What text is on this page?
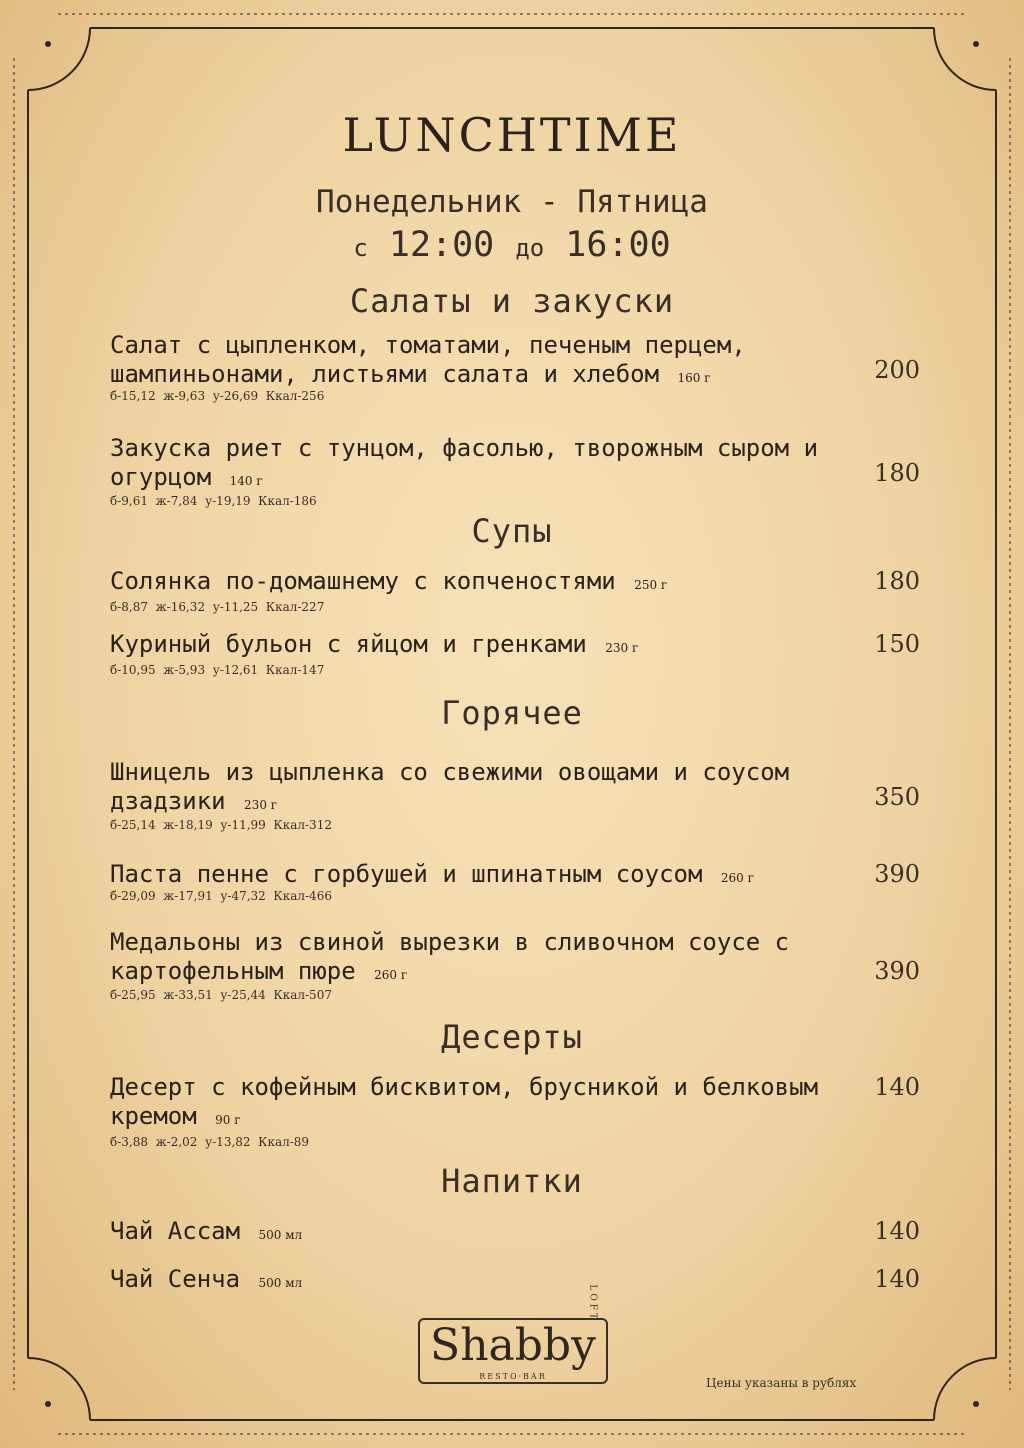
LUNCHTIME
Понедельник - Пятница
с 12:00 до 16:00
Салаты и закуски
Салат с цыпленком, томатами, печеным перцем, шампиньонами, листьями салата и хлебом 160 г
б-15,12  ж-9,63  у-26,69  Ккал-256
200
Закуска риет с тунцом, фасолью, творожным сыром и огурцом 140 г
б-9,61  ж-7,84  у-19,19  Ккал-186
180
Супы
Солянка по-домашнему с копченостями 250 г
б-8,87  ж-16,32  у-11,25  Ккал-227
180
Куриный бульон с яйцом и гренками 230 г
б-10,95  ж-5,93  у-12,61  Ккал-147
150
Горячее
Шницель из цыпленка со свежими овощами и соусом дзадзики 230 г
б-25,14  ж-18,19  у-11,99  Ккал-312
350
Паста пенне с горбушей и шпинатным соусом 260 г
б-29,09  ж-17,91  у-47,32  Ккал-466
390
Медальоны из свиной вырезки в сливочном соусе с картофельным пюре 260 г
б-25,95  ж-33,51  у-25,44  Ккал-507
390
Десерты
Десерт с кофейным бисквитом, брусникой и белковым кремом 90 г
б-3,88  ж-2,02  у-13,82  Ккал-89
140
Напитки
Чай Ассам 500 мл	140
Чай Сенча 500 мл	140
Shabby
LOFT
RESTO·BAR	Цены указаны в рублях
